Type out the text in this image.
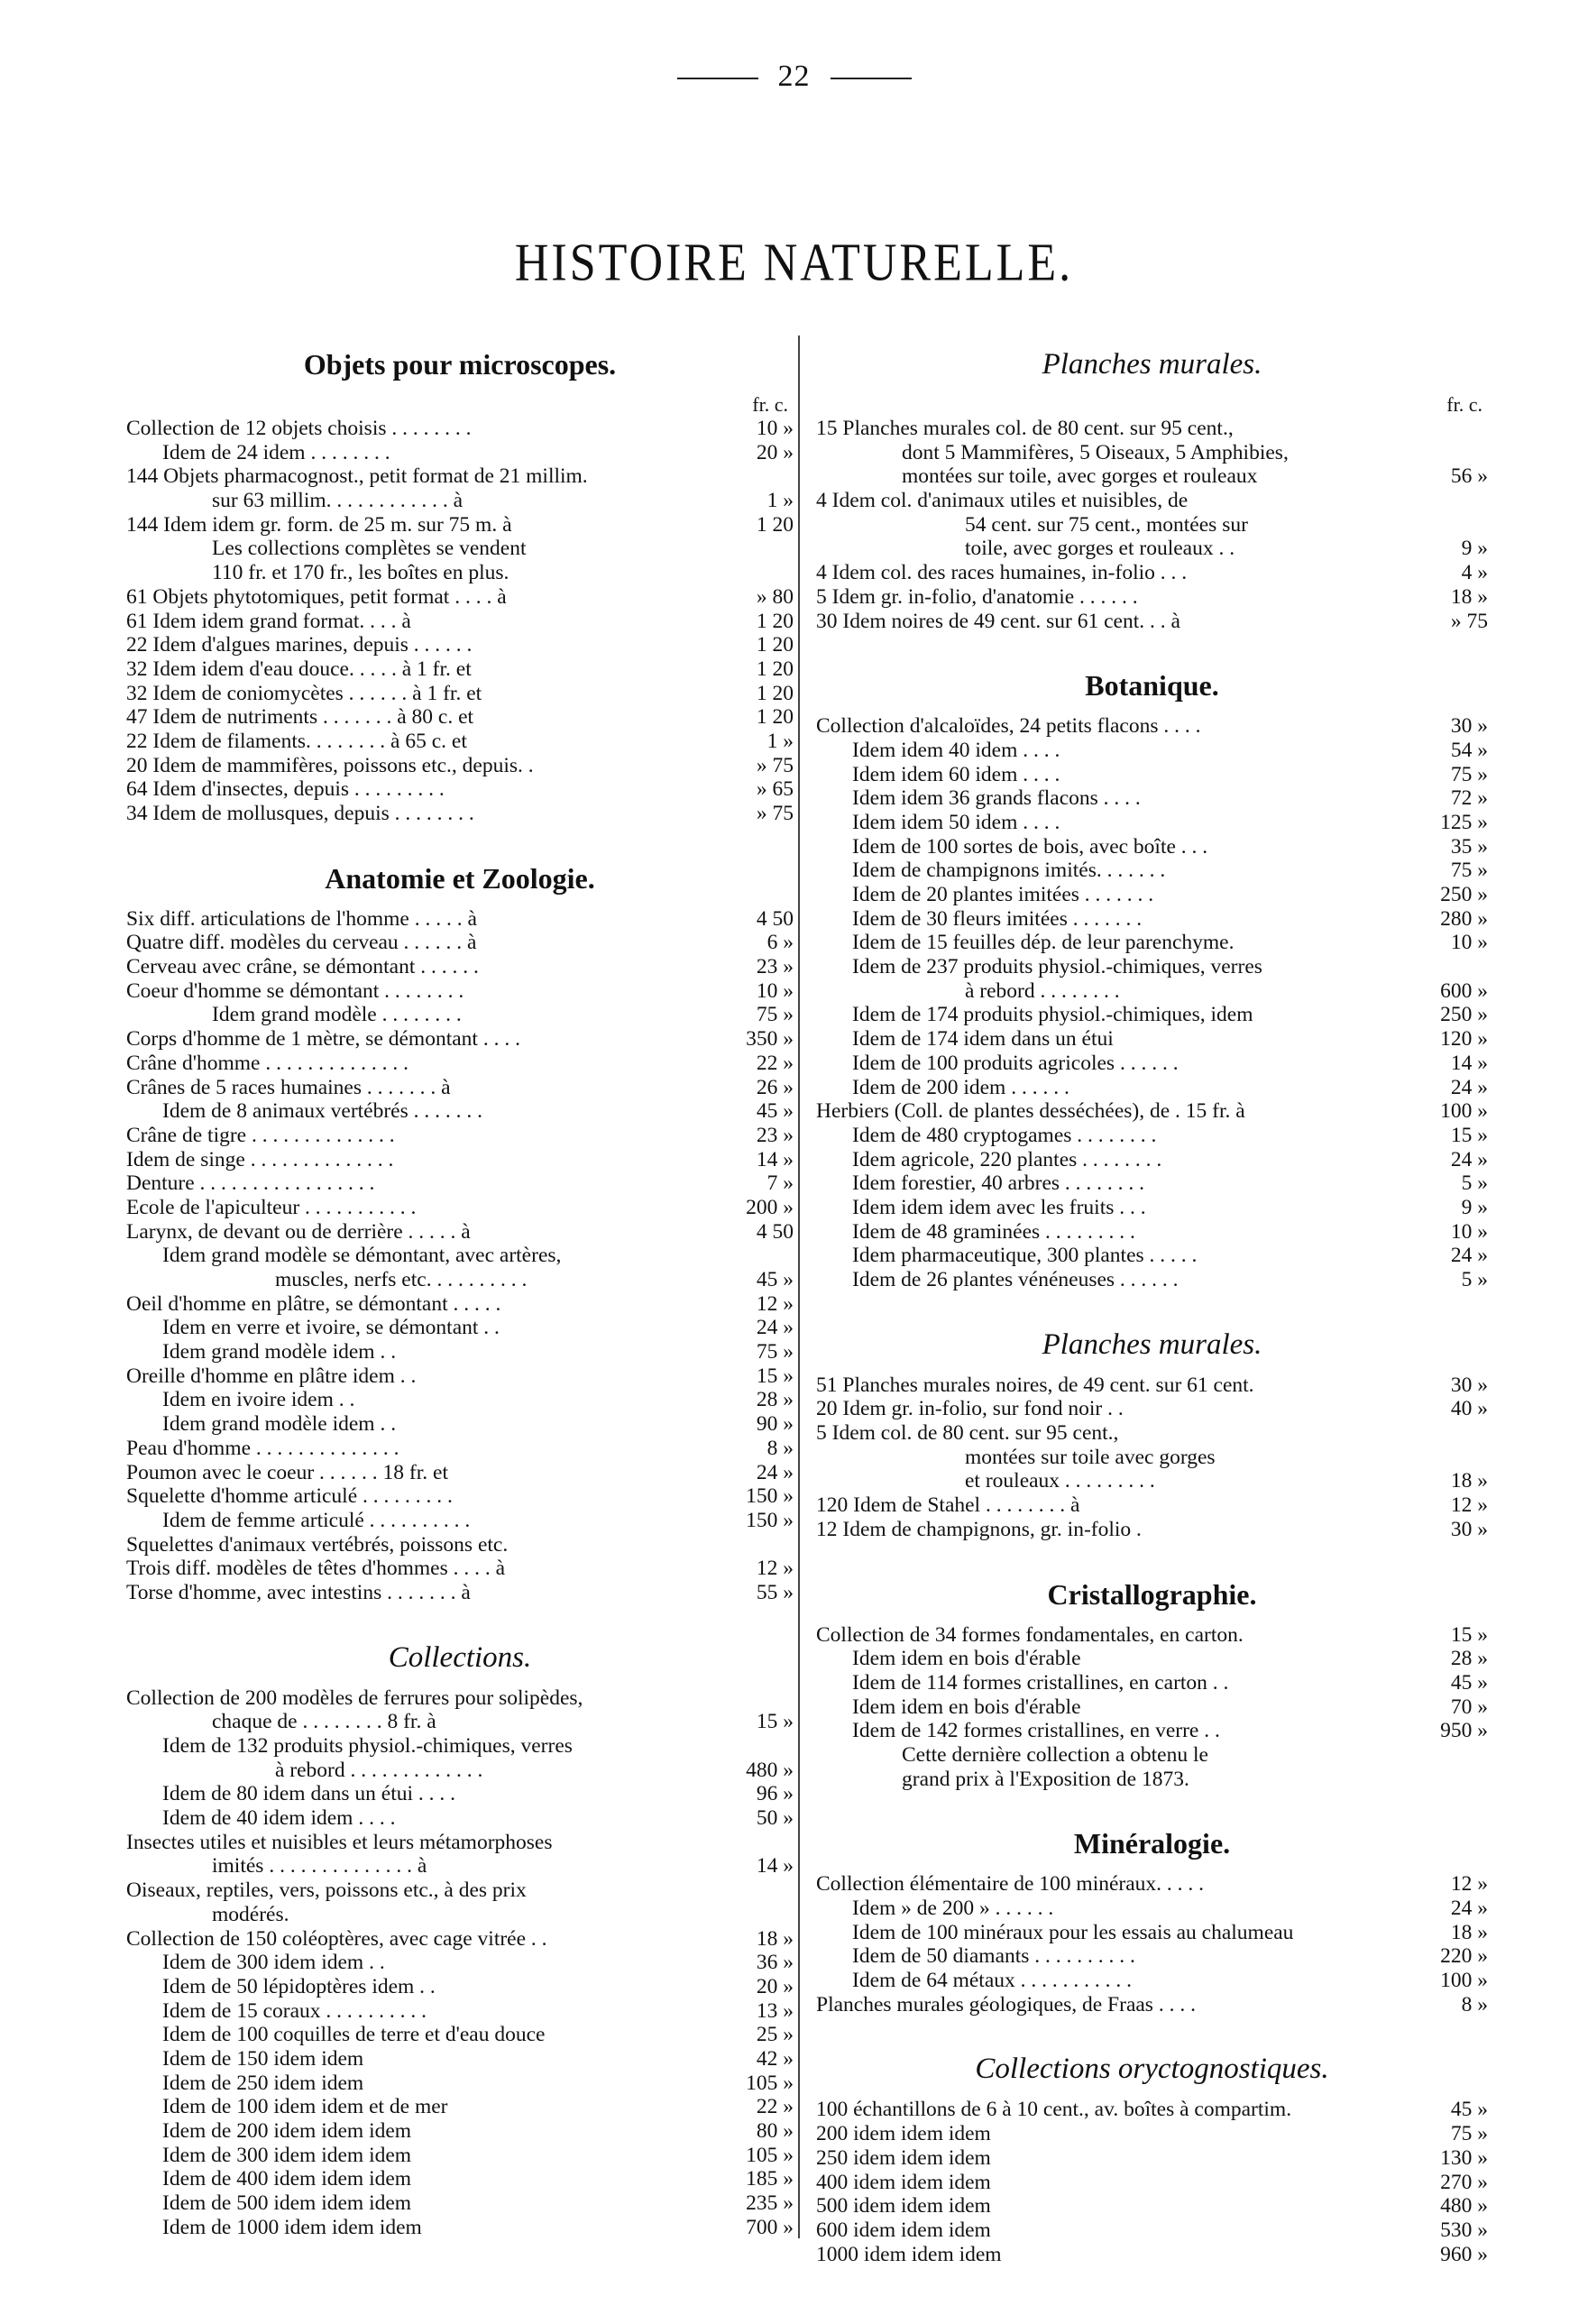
22
HISTOIRE NATURELLE.
Objets pour microscopes.
fr. c.
Collection de 12 objets choisis . . . . . . . .	10 »
Idem de 24 idem . . . . . . . .	20 »
144 Objets pharmacognost., petit format de 21 millim.
sur 63 millim. . . . . . . . . . . . à	1 »
144 Idem idem gr. form. de 25 m. sur 75 m. à	1 20
Les collections complètes se vendent
110 fr. et 170 fr., les boîtes en plus.
61 Objets phytotomiques, petit format . . . . à	» 80
61 Idem idem grand format. . . . à	1 20
22 Idem d'algues marines, depuis . . . . . .	1 20
32 Idem idem d'eau douce. . . . . à 1 fr. et	1 20
32 Idem de coniomycètes . . . . . . à 1 fr. et	1 20
47 Idem de nutriments . . . . . . . à 80 c. et	1 20
22 Idem de filaments. . . . . . . . à 65 c. et	1 »
20 Idem de mammifères, poissons etc., depuis. .	» 75
64 Idem d'insectes, depuis . . . . . . . . .	» 65
34 Idem de mollusques, depuis . . . . . . . .	» 75
Anatomie et Zoologie.
Six diff. articulations de l'homme . . . . . à	4 50
Quatre diff. modèles du cerveau . . . . . . à	6 »
Cerveau avec crâne, se démontant . . . . . .	23 »
Coeur d'homme se démontant . . . . . . . .	10 »
Idem grand modèle . . . . . . . .	75 »
Corps d'homme de 1 mètre, se démontant . . . .	350 »
Crâne d'homme . . . . . . . . . . . . . .	22 »
Crânes de 5 races humaines . . . . . . . à	26 »
Idem de 8 animaux vertébrés . . . . . . .	45 »
Crâne de tigre . . . . . . . . . . . . . .	23 »
Idem de singe . . . . . . . . . . . . . .	14 »
Denture . . . . . . . . . . . . . . . . .	7 »
Ecole de l'apiculteur . . . . . . . . . . .	200 »
Larynx, de devant ou de derrière . . . . . à	4 50
Idem grand modèle se démontant, avec artères,
muscles, nerfs etc. . . . . . . . . .	45 »
Oeil d'homme en plâtre, se démontant . . . . .	12 »
Idem en verre et ivoire, se démontant . .	24 »
Idem grand modèle idem . .	75 »
Oreille d'homme en plâtre idem . .	15 »
Idem en ivoire idem . .	28 »
Idem grand modèle idem . .	90 »
Peau d'homme . . . . . . . . . . . . . .	8 »
Poumon avec le coeur . . . . . . 18 fr. et	24 »
Squelette d'homme articulé . . . . . . . . .	150 »
Idem de femme articulé . . . . . . . . . .	150 »
Squelettes d'animaux vertébrés, poissons etc.
Trois diff. modèles de têtes d'hommes . . . . à	12 »
Torse d'homme, avec intestins . . . . . . . à	55 »
Collections.
Collection de 200 modèles de ferrures pour solipèdes,
chaque de . . . . . . . . 8 fr. à	15 »
Idem de 132 produits physiol.-chimiques, verres
à rebord . . . . . . . . . . . . .	480 »
Idem de 80 idem dans un étui . . . .	96 »
Idem de 40 idem idem . . . .	50 »
Insectes utiles et nuisibles et leurs métamorphoses
imités . . . . . . . . . . . . . . à	14 »
Oiseaux, reptiles, vers, poissons etc., à des prix
modérés.
Collection de 150 coléoptères, avec cage vitrée . .	18 »
Idem de 300 idem idem . .	36 »
Idem de 50 lépidoptères idem . .	20 »
Idem de 15 coraux . . . . . . . . . .	13 »
Idem de 100 coquilles de terre et d'eau douce	25 »
Idem de 150 idem idem	42 »
Idem de 250 idem idem	105 »
Idem de 100 idem idem et de mer	22 »
Idem de 200 idem idem idem	80 »
Idem de 300 idem idem idem	105 »
Idem de 400 idem idem idem	185 »
Idem de 500 idem idem idem	235 »
Idem de 1000 idem idem idem	700 »
Planches murales.
fr. c.
15 Planches murales col. de 80 cent. sur 95 cent.,
dont 5 Mammifères, 5 Oiseaux, 5 Amphibies,
montées sur toile, avec gorges et rouleaux	56 »
4 Idem col. d'animaux utiles et nuisibles, de
54 cent. sur 75 cent., montées sur
toile, avec gorges et rouleaux . .	9 »
4 Idem col. des races humaines, in-folio . . .	4 »
5 Idem gr. in-folio, d'anatomie . . . . . .	18 »
30 Idem noires de 49 cent. sur 61 cent. . . à	» 75
Botanique.
Collection d'alcaloïdes, 24 petits flacons . . . .	30 »
Idem idem 40 idem . . . .	54 »
Idem idem 60 idem . . . .	75 »
Idem idem 36 grands flacons . . . .	72 »
Idem idem 50 idem . . . .	125 »
Idem de 100 sortes de bois, avec boîte . . .	35 »
Idem de champignons imités. . . . . . .	75 »
Idem de 20 plantes imitées . . . . . . .	250 »
Idem de 30 fleurs imitées . . . . . . .	280 »
Idem de 15 feuilles dép. de leur parenchyme.	10 »
Idem de 237 produits physiol.-chimiques, verres
à rebord . . . . . . . .	600 »
Idem de 174 produits physiol.-chimiques, idem	250 »
Idem de 174 idem dans un étui	120 »
Idem de 100 produits agricoles . . . . . .	14 »
Idem de 200 idem . . . . . .	24 »
Herbiers (Coll. de plantes desséchées), de . 15 fr. à	100 »
Idem de 480 cryptogames . . . . . . . .	15 »
Idem agricole, 220 plantes . . . . . . . .	24 »
Idem forestier, 40 arbres . . . . . . . .	5 »
Idem idem idem avec les fruits . . .	9 »
Idem de 48 graminées . . . . . . . . .	10 »
Idem pharmaceutique, 300 plantes . . . . .	24 »
Idem de 26 plantes vénéneuses . . . . . .	5 »
Planches murales.
51 Planches murales noires, de 49 cent. sur 61 cent.	30 »
20 Idem gr. in-folio, sur fond noir . .	40 »
5 Idem col. de 80 cent. sur 95 cent.,
montées sur toile avec gorges
et rouleaux . . . . . . . . .	18 »
120 Idem de Stahel . . . . . . . . à	12 »
12 Idem de champignons, gr. in-folio .	30 »
Cristallographie.
Collection de 34 formes fondamentales, en carton.	15 »
Idem idem en bois d'érable	28 »
Idem de 114 formes cristallines, en carton . .	45 »
Idem idem en bois d'érable	70 »
Idem de 142 formes cristallines, en verre . .	950 »
Cette dernière collection a obtenu le
grand prix à l'Exposition de 1873.
Minéralogie.
Collection élémentaire de 100 minéraux. . . . .	12 »
Idem » de 200 » . . . . . .	24 »
Idem de 100 minéraux pour les essais au chalumeau	18 »
Idem de 50 diamants . . . . . . . . . .	220 »
Idem de 64 métaux . . . . . . . . . . .	100 »
Planches murales géologiques, de Fraas . . . .	8 »
Collections oryctognostiques.
100 échantillons de 6 à 10 cent., av. boîtes à compartim.	45 »
200 idem idem idem	75 »
250 idem idem idem	130 »
400 idem idem idem	270 »
500 idem idem idem	480 »
600 idem idem idem	530 »
1000 idem idem idem	960 »
